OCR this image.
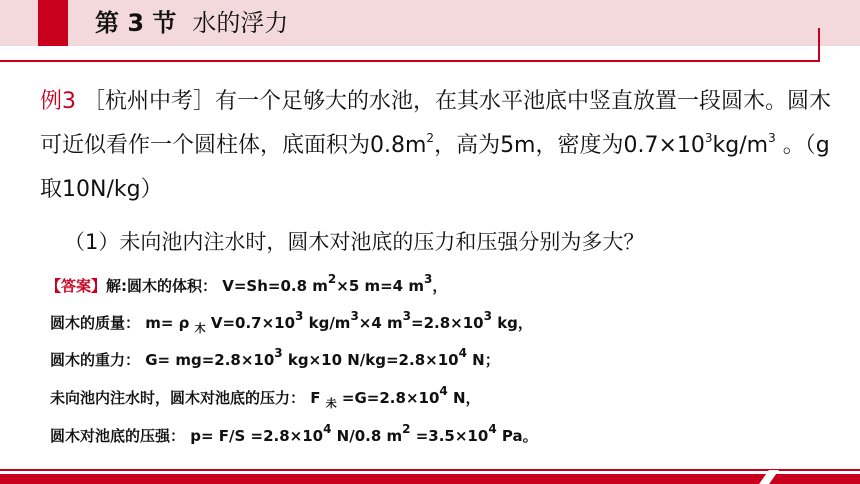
第 3 节 水的浮力
例3 ［杭州中考］有一个足够大的水池，在其水平池底中竖直放置一段圆木。圆木可近似看作一个圆柱体，底面积为$0.8m^2$，高为5m，密度为$0.7\times 10^3kg/m^3$ 。（g取10N/kg）
（1）未向池内注水时，圆木对池底的压力和压强分别为多大？
【答案】解:圆木的体积： V=Sh=0.8 $m^2\times 5$ m=4 $m^3$，
圆木的质量： m= ρ $_木$ $V=0.7\times 10^3$ $kg/m^3\times 4$ $m^3=2.8\times 10^3$ kg，
圆木的重力： $G= mg=2.8\times 10^3$ kg×10 $N/kg=2.8\times 10^4$ N；
未向池内注水时，圆木对池底的压力： F $_未 =G=2.8\times 10^4$ N，
圆木对池底的压强： $p= F/S =2.8\times 10^4$ N/0.8 $m^2 =3.5\times 10^4$ Pa。
